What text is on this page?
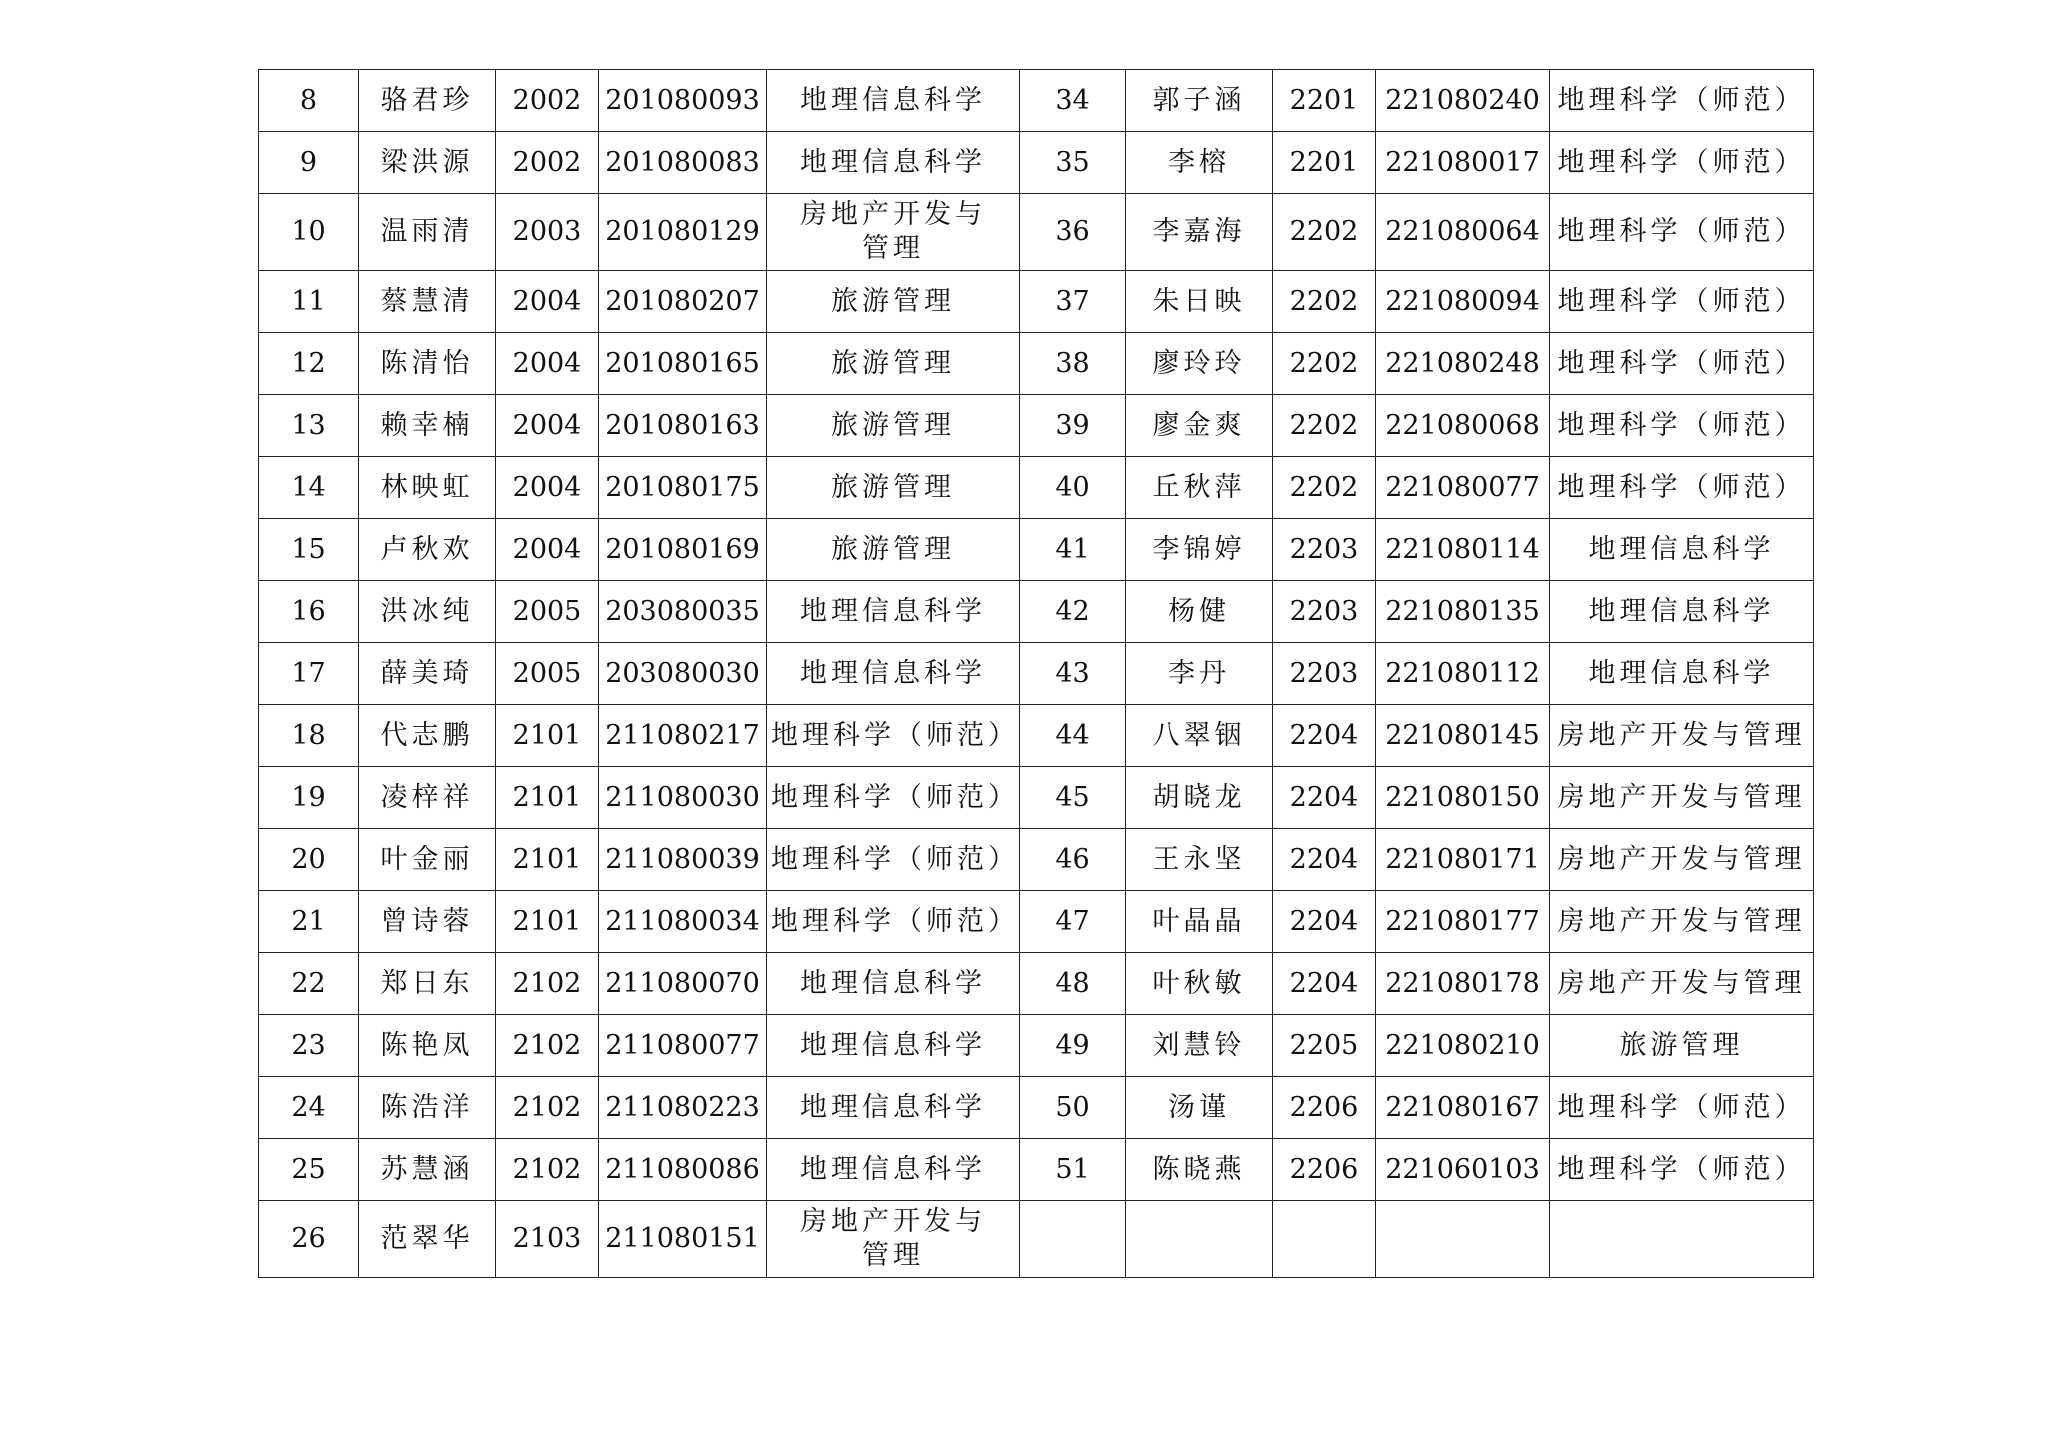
8	骆君珍	2002	201080093	地理信息科学	34	郭子涵	2201	221080240	地理科学（师范）
9	梁洪源	2002	201080083	地理信息科学	35	李榕	2201	221080017	地理科学（师范）
10	温雨清	2003	201080129	房地产开发与管理	36	李嘉海	2202	221080064	地理科学（师范）
11	蔡慧清	2004	201080207	旅游管理	37	朱日映	2202	221080094	地理科学（师范）
12	陈清怡	2004	201080165	旅游管理	38	廖玲玲	2202	221080248	地理科学（师范）
13	赖幸楠	2004	201080163	旅游管理	39	廖金爽	2202	221080068	地理科学（师范）
14	林映虹	2004	201080175	旅游管理	40	丘秋萍	2202	221080077	地理科学（师范）
15	卢秋欢	2004	201080169	旅游管理	41	李锦婷	2203	221080114	地理信息科学
16	洪冰纯	2005	203080035	地理信息科学	42	杨健	2203	221080135	地理信息科学
17	薛美琦	2005	203080030	地理信息科学	43	李丹	2203	221080112	地理信息科学
18	代志鹏	2101	211080217	地理科学（师范）	44	八翠铟	2204	221080145	房地产开发与管理
19	凌梓祥	2101	211080030	地理科学（师范）	45	胡晓龙	2204	221080150	房地产开发与管理
20	叶金丽	2101	211080039	地理科学（师范）	46	王永坚	2204	221080171	房地产开发与管理
21	曾诗蓉	2101	211080034	地理科学（师范）	47	叶晶晶	2204	221080177	房地产开发与管理
22	郑日东	2102	211080070	地理信息科学	48	叶秋敏	2204	221080178	房地产开发与管理
23	陈艳凤	2102	211080077	地理信息科学	49	刘慧铃	2205	221080210	旅游管理
24	陈浩洋	2102	211080223	地理信息科学	50	汤谨	2206	221080167	地理科学（师范）
25	苏慧涵	2102	211080086	地理信息科学	51	陈晓燕	2206	221060103	地理科学（师范）
26	范翠华	2103	211080151	房地产开发与管理					
